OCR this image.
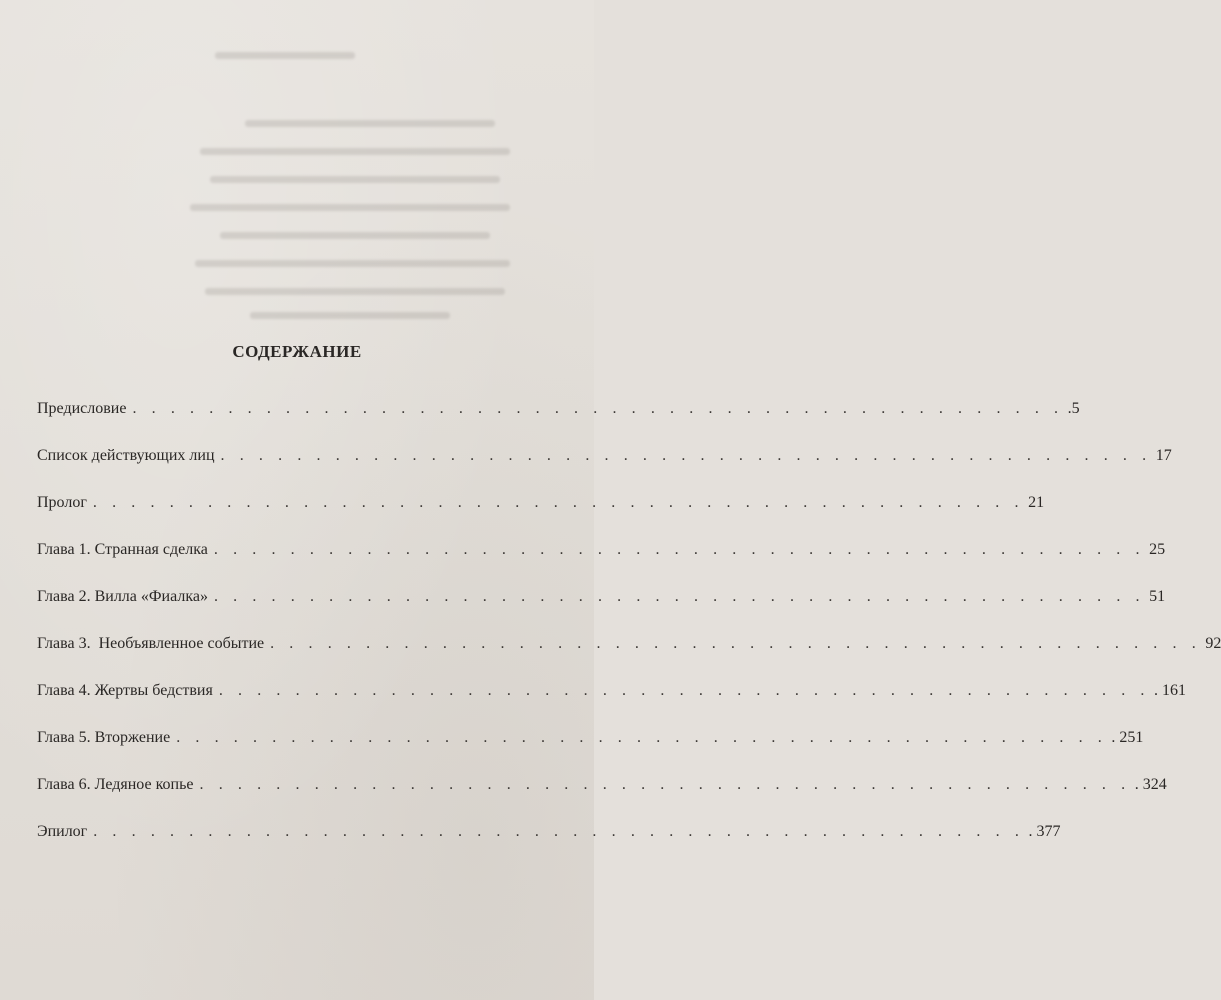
СОДЕРЖАНИЕ
Предисловие . . . . . . . . . . . . . . . . . . . . . . . . . . . . . . . . . . . . . . . . . . . . . . . . . .5
Список действующих лиц . . . . . . . . . . . . . . . . . . . . . . . . . . . . . . . . . . . . . . . . . . . . . . . . . 17
Пролог . . . . . . . . . . . . . . . . . . . . . . . . . . . . . . . . . . . . . . . . . . . . . . . . . 21
Глава 1. Странная сделка . . . . . . . . . . . . . . . . . . . . . . . . . . . . . . . . . . . . . . . . . . . . . . . . . 25
Глава 2. Вилла «Фиалка» . . . . . . . . . . . . . . . . . . . . . . . . . . . . . . . . . . . . . . . . . . . . . . . . . 51
Глава 3.  Необъявленное событие . . . . . . . . . . . . . . . . . . . . . . . . . . . . . . . . . . . . . . . . . . . . . . . . . 92
Глава 4. Жертвы бедствия . . . . . . . . . . . . . . . . . . . . . . . . . . . . . . . . . . . . . . . . . . . . . . . . . . 161
Глава 5. Вторжение . . . . . . . . . . . . . . . . . . . . . . . . . . . . . . . . . . . . . . . . . . . . . . . . . . 251
Глава 6. Ледяное копье . . . . . . . . . . . . . . . . . . . . . . . . . . . . . . . . . . . . . . . . . . . . . . . . . . 324
Эпилог . . . . . . . . . . . . . . . . . . . . . . . . . . . . . . . . . . . . . . . . . . . . . . . . . . 377
